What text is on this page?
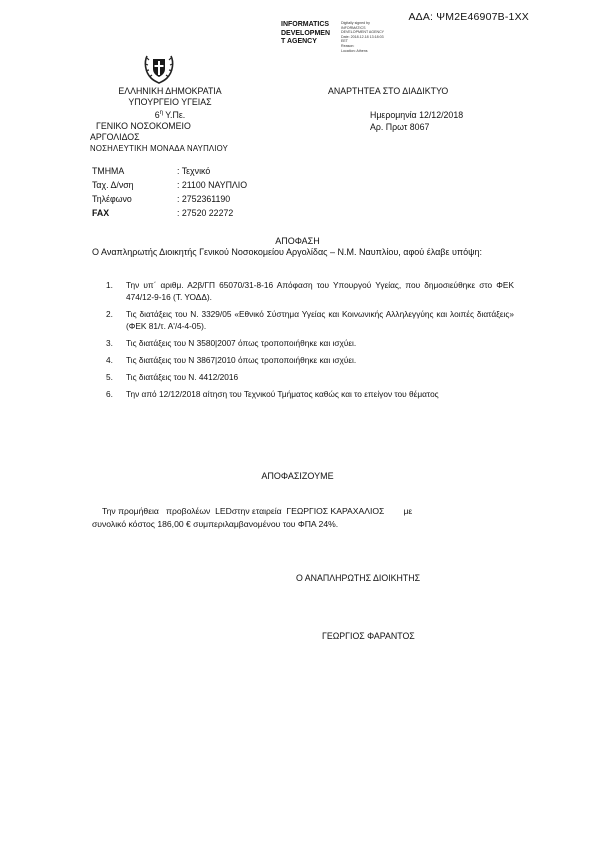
ΑΔΑ: ΨΜ2Ε46907Β-1ΧΧ
INFORMATICS
DEVELOPMEN
T AGENCY
Digitally signed by
INFORMATICS
DEVELOPMENT AGENCY
Date: 2018.12.18 13:18:03
EET
Reason:
Location: Athens
ΕΛΛΗΝΙΚΗ ΔΗΜΟΚΡΑΤΙΑ
ΥΠΟΥΡΓΕΙΟ ΥΓΕΙΑΣ
$6^\eta$ Υ.Πε.
ΓΕΝΙΚΟ ΝΟΣΟΚΟΜΕΙΟ
ΑΡΓΟΛΙΔΟΣ
ΝΟΣΗΛΕΥΤΙΚΗ ΜΟΝΑΔΑ ΝΑΥΠΛΙΟΥ
ΑΝΑΡΤΗΤΕΑ ΣΤΟ ΔΙΑΔΙΚΤΥΟ
Ημερομηνία 12/12/2018
Αρ. Πρωτ 8067
ΤΜΗΜΑ	: Τεχνικό
Ταχ. Δ/νση	: 21100 ΝΑΥΠΛΙΟ
Τηλέφωνο	: 2752361190
FAX	: 27520 22272
ΑΠΟΦΑΣΗ
Ο Αναπληρωτής Διοικητής Γενικού Νοσοκομείου Αργολίδας – Ν.Μ. Ναυπλίου, αφού έλαβε υπόψη:
1. Την υπ΄ αριθμ. Α2β/ΓΠ 65070/31-8-16 Απόφαση του Υπουργού Υγείας, που δημοσιεύθηκε στο ΦΕΚ 474/12-9-16 (Τ. ΥΟΔΔ).
2. Τις διατάξεις του Ν. 3329/05 «Εθνικό Σύστημα Υγείας και Κοινωνικής Αλληλεγγύης και λοιπές διατάξεις» (ΦΕΚ 81/τ. Α'/4-4-05).
3. Τις διατάξεις του Ν 3580|2007 όπως τροποποιήθηκε και ισχύει.
4. Τις διατάξεις του Ν 3867|2010 όπως τροποποιήθηκε και ισχύει.
5. Τις διατάξεις του Ν. 4412/2016
6. Την από 12/12/2018 αίτηση του Τεχνικού Τμήματος καθώς και το επείγον του θέματος
ΑΠΟΦΑΣΙΖΟΥΜΕ
Την προμήθεια   προβολέων  LEDστην εταιρεία  ΓΕΩΡΓΙΟΣ ΚΑΡΑΧΑΛΙΟΣ        με
συνολικό κόστος 186,00 € συμπεριλαμβανομένου του ΦΠΑ 24%.
Ο ΑΝΑΠΛΗΡΩΤΗΣ ΔΙΟΙΚΗΤΗΣ
ΓΕΩΡΓΙΟΣ ΦΑΡΑΝΤΟΣ
